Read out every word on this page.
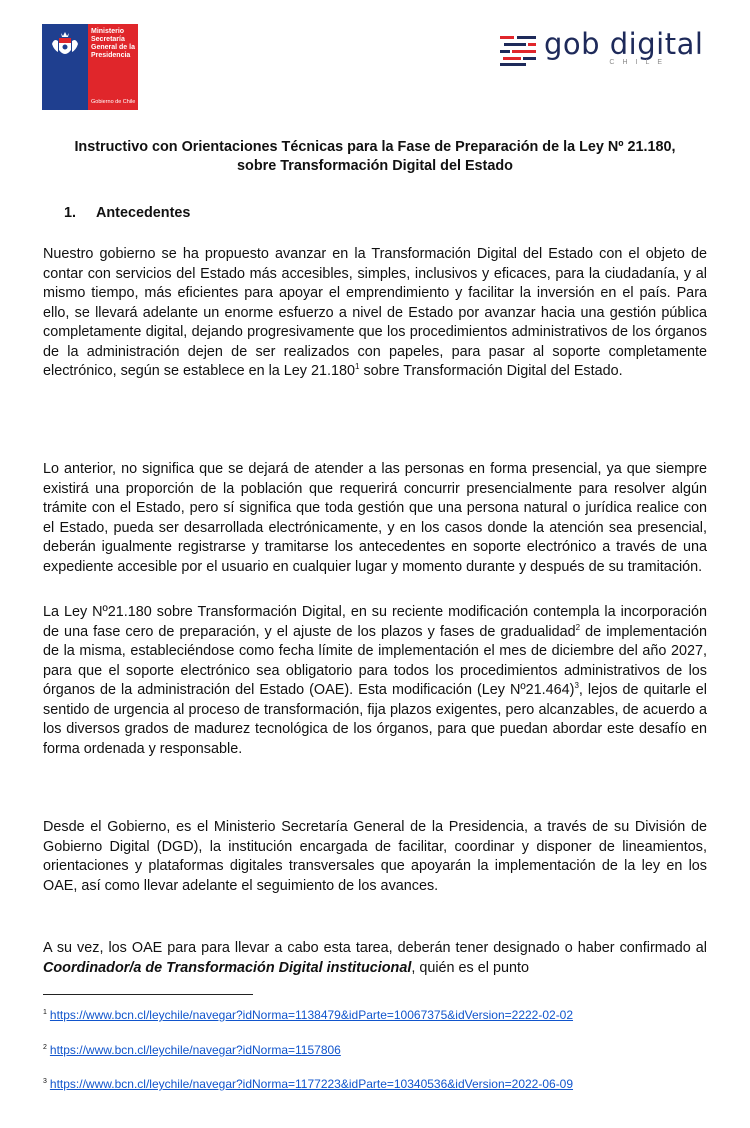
Ministerio Secretaría General de la Presidencia
Gobierno de Chile
gob digital
CHILE
Instructivo con Orientaciones Técnicas para la Fase de Preparación de la Ley Nº 21.180, sobre Transformación Digital del Estado
1. Antecedentes

Nuestro gobierno se ha propuesto avanzar en la Transformación Digital del Estado con el objeto de contar con servicios del Estado más accesibles, simples, inclusivos y eficaces, para la ciudadanía, y al mismo tiempo, más eficientes para apoyar el emprendimiento y facilitar la inversión en el país. Para ello, se llevará adelante un enorme esfuerzo a nivel de Estado por avanzar hacia una gestión pública completamente digital, dejando progresivamente que los procedimientos administrativos de los órganos de la administración dejen de ser realizados con papeles, para pasar al soporte completamente electrónico, según se establece en la Ley 21.180$^1$ sobre Transformación Digital del Estado.

Lo anterior, no significa que se dejará de atender a las personas en forma presencial, ya que siempre existirá una proporción de la población que requerirá concurrir presencialmente para resolver algún trámite con el Estado, pero sí significa que toda gestión que una persona natural o jurídica realice con el Estado, pueda ser desarrollada electrónicamente, y en los casos donde la atención sea presencial, deberán igualmente registrarse y tramitarse los antecedentes en soporte electrónico a través de una expediente accesible por el usuario en cualquier lugar y momento durante y después de su tramitación.

La Ley Nº21.180 sobre Transformación Digital, en su reciente modificación contempla la incorporación de una fase cero de preparación, y el ajuste de los plazos y fases de gradualidad$^2$ de implementación de la misma, estableciéndose como fecha límite de implementación el mes de diciembre del año 2027, para que el soporte electrónico sea obligatorio para todos los procedimientos administrativos de los órganos de la administración del Estado (OAE). Esta modificación (Ley Nº21.464)$^3$, lejos de quitarle el sentido de urgencia al proceso de transformación, fija plazos exigentes, pero alcanzables, de acuerdo a los diversos grados de madurez tecnológica de los órganos, para que puedan abordar este desafío en forma ordenada y responsable.

Desde el Gobierno, es el Ministerio Secretaría General de la Presidencia, a través de su División de Gobierno Digital (DGD), la institución encargada de facilitar, coordinar y disponer de lineamientos, orientaciones y plataformas digitales transversales que apoyarán la implementación de la ley en los OAE, así como llevar adelante el seguimiento de los avances.

A su vez, los OAE para para llevar a cabo esta tarea, deberán tener designado o haber confirmado al Coordinador/a de Transformación Digital institucional, quién es el punto

$^1$ https://www.bcn.cl/leychile/navegar?idNorma=1138479&idParte=10067375&idVersion=2222-02-02
$^2$ https://www.bcn.cl/leychile/navegar?idNorma=1157806
$^3$ https://www.bcn.cl/leychile/navegar?idNorma=1177223&idParte=10340536&idVersion=2022-06-09
